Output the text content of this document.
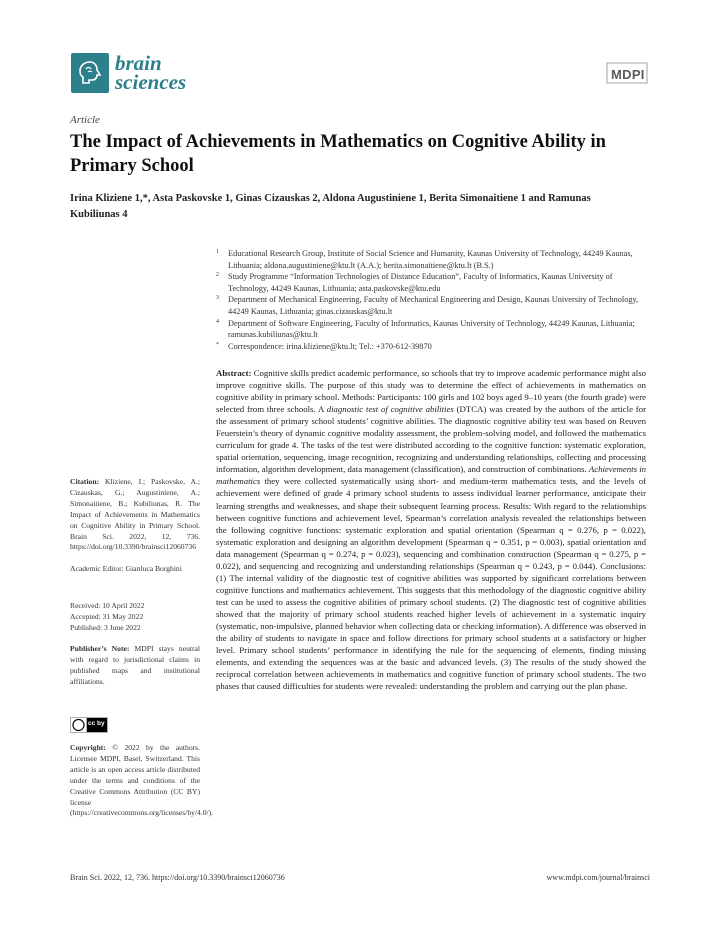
brain
sciences	MDPI
Article
The Impact of Achievements in Mathematics on Cognitive Ability in Primary School
Irina Kliziene 1,*, Asta Paskovske 1, Ginas Cizauskas 2, Aldona Augustiniene 1, Berita Simonaitiene 1 and Ramunas Kubiliunas 4
1 Educational Research Group, Institute of Social Science and Humanity, Kaunas University of Technology, 44249 Kaunas, Lithuania; aldona.augustiniene@ktu.lt (A.A.); berita.simonaitiene@ktu.lt (B.S.)
2 Study Programme “Information Technologies of Distance Education”, Faculty of Informatics, Kaunas University of Technology, 44249 Kaunas, Lithuania; asta.paskovske@ktu.edu
3 Department of Mechanical Engineering, Faculty of Mechanical Engineering and Design, Kaunas University of Technology, 44249 Kaunas, Lithuania; ginas.cizauskas@ktu.lt
4 Department of Software Engineering, Faculty of Informatics, Kaunas University of Technology, 44249 Kaunas, Lithuania; ramunas.kubiliunas@ktu.lt
* Correspondence: irina.kliziene@ktu.lt; Tel.: +370-612-39870

Abstract: Cognitive skills predict academic performance, so schools that try to improve academic performance might also improve cognitive skills. The purpose of this study was to determine the effect of achievements in mathematics on cognitive ability in primary school. Methods: Participants: 100 girls and 102 boys aged 9–10 years (the fourth grade) were selected from three schools. A diagnostic test of cognitive abilities (DTCA) was created by the authors of the article for the assessment of primary school students’ cognitive abilities. The diagnostic cognitive ability test was based on Reuven Feuerstein’s theory of dynamic cognitive modality assessment, the problem-solving model, and followed the mathematics curriculum for grade 4. The tasks of the test were distributed according to the cognitive function: systematic exploration, spatial orientation, sequencing, image recognition, recognizing and understanding relationships, collecting and processing information, algorithm development, data management (classification), and construction of combinations. Achievements in mathematics they were collected systematically using short- and medium-term mathematics tests, and the levels of achievement were defined of grade 4 primary school students to assess individual learner performance, anticipate their learning strengths and weaknesses, and shape their subsequent learning process. Results: With regard to the relationships between cognitive functions and achievement level, Spearman’s correlation analysis revealed the relationships between the following cognitive functions: systematic exploration and spatial orientation (Spearman q = 0.276, p = 0.022), systematic exploration and designing an algorithm development (Spearman q = 0.351, p = 0.003), spatial orientation and data management (Spearman q = 0.274, p = 0.023), sequencing and combination construction (Spearman q = 0.275, p = 0.022), and sequencing and recognizing and understanding relationships (Spearman q = 0.243, p = 0.044). Conclusions: (1) The internal validity of the diagnostic test of cognitive abilities was supported by significant correlations between cognitive functions and mathematics achievement. This suggests that this methodology of the diagnostic cognitive ability test can be used to assess the cognitive abilities of primary school students. (2) The diagnostic test of cognitive abilities showed that the majority of primary school students reached higher levels of achievement in a systematic inquiry (systematic, non-impulsive, planned behavior when collecting data or checking information). A difference was observed in the ability of students to navigate in space and follow directions for primary school students at a satisfactory or higher level. Primary school students’ performance in identifying the rule for the sequencing of elements, finding missing elements, and extending the sequences was at the basic and advanced levels. (3) The results of the study showed the reciprocal correlation between achievements in mathematics and cognitive function of primary school students. The two phases that caused difficulties for students were revealed: understanding the problem and carrying out the plan phase.

Citation: Kliziene, I.; Paskovske, A.; Cizauskas, G.; Augustiniene, A.; Simonaitiene, B.; Kubiliunas, R. The Impact of Achievements in Mathematics on Cognitive Ability in Primary School. Brain Sci. 2022, 12, 736. https://doi.org/10.3390/brainsci12060736
Academic Editor: Gianluca Borghini
Received: 10 April 2022
Accepted: 31 May 2022
Published: 3 June 2022
Publisher’s Note: MDPI stays neutral with regard to jurisdictional claims in published maps and institutional affiliations.
cc by
Copyright: © 2022 by the authors. Licensee MDPI, Basel, Switzerland. This article is an open access article distributed under the terms and conditions of the Creative Commons Attribution (CC BY) license (https://creativecommons.org/licenses/by/4.0/).
Brain Sci. 2022, 12, 736. https://doi.org/10.3390/brainsci12060736	www.mdpi.com/journal/brainsci
